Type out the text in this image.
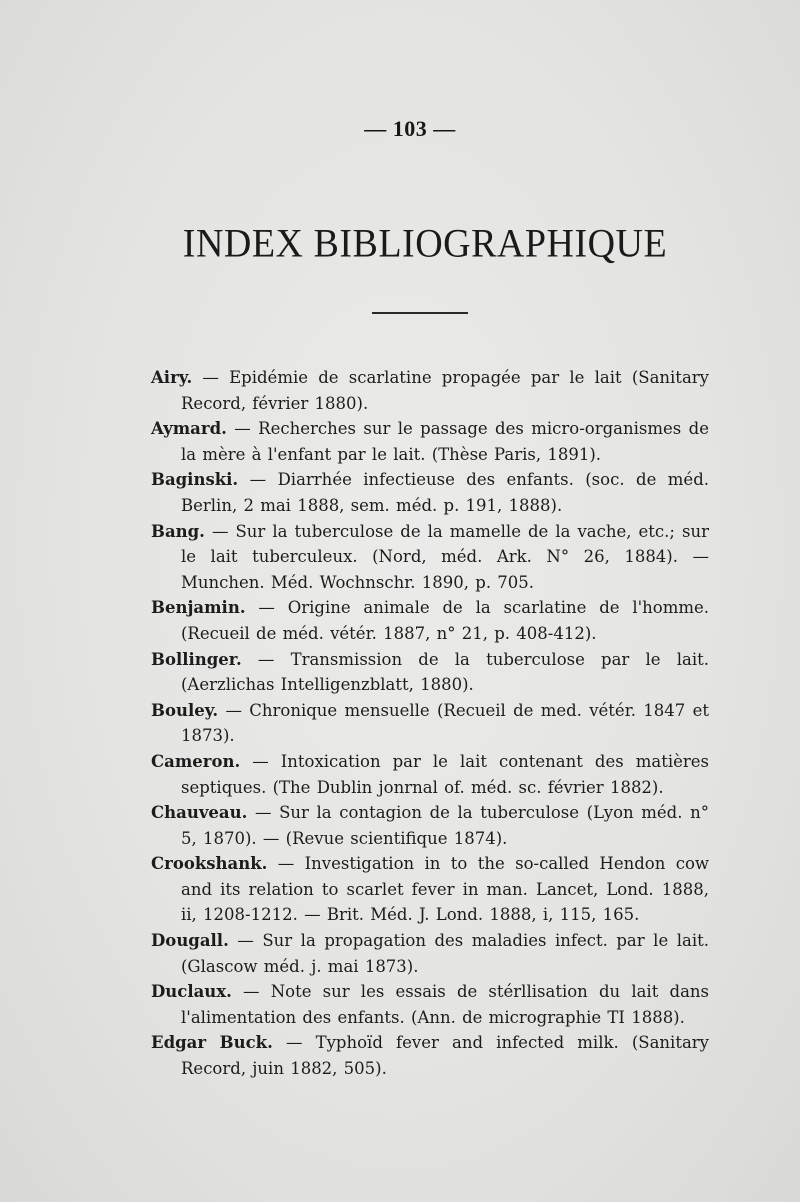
— 103 —
INDEX BIBLIOGRAPHIQUE

Airy. — Epidémie de scarlatine propagée par le lait (Sanitary Record, février 1880).

Aymard. — Recherches sur le passage des micro-organismes de la mère à l'enfant par le lait. (Thèse Paris, 1891).

Baginski. — Diarrhée infectieuse des enfants. (soc. de méd. Berlin, 2 mai 1888, sem. méd. p. 191, 1888).

Bang. — Sur la tuberculose de la mamelle de la vache, etc.; sur le lait tuberculeux. (Nord, méd. Ark. N° 26, 1884). — Munchen. Méd. Wochnschr. 1890, p. 705.

Benjamin. — Origine animale de la scarlatine de l'homme. (Recueil de méd. vétér. 1887, n° 21, p. 408-412).

Bollinger. — Transmission de la tuberculose par le lait. (Aerzlichas Intelligenzblatt, 1880).

Bouley. — Chronique mensuelle (Recueil de med. vétér. 1847 et 1873).

Cameron. — Intoxication par le lait contenant des matières septiques. (The Dublin jonrnal of. méd. sc. février 1882).

Chauveau. — Sur la contagion de la tuberculose (Lyon méd. n° 5, 1870). — (Revue scientifique 1874).

Crookshank. — Investigation in to the so-called Hendon cow and its relation to scarlet fever in man. Lancet, Lond. 1888, ii, 1208-1212. — Brit. Méd. J. Lond. 1888, i, 115, 165.

Dougall. — Sur la propagation des maladies infect. par le lait. (Glascow méd. j. mai 1873).

Duclaux. — Note sur les essais de stérllisation du lait dans l'alimentation des enfants. (Ann. de micrographie TI 1888).

Edgar Buck. — Typhoïd fever and infected milk. (Sanitary Record, juin 1882, 505).
